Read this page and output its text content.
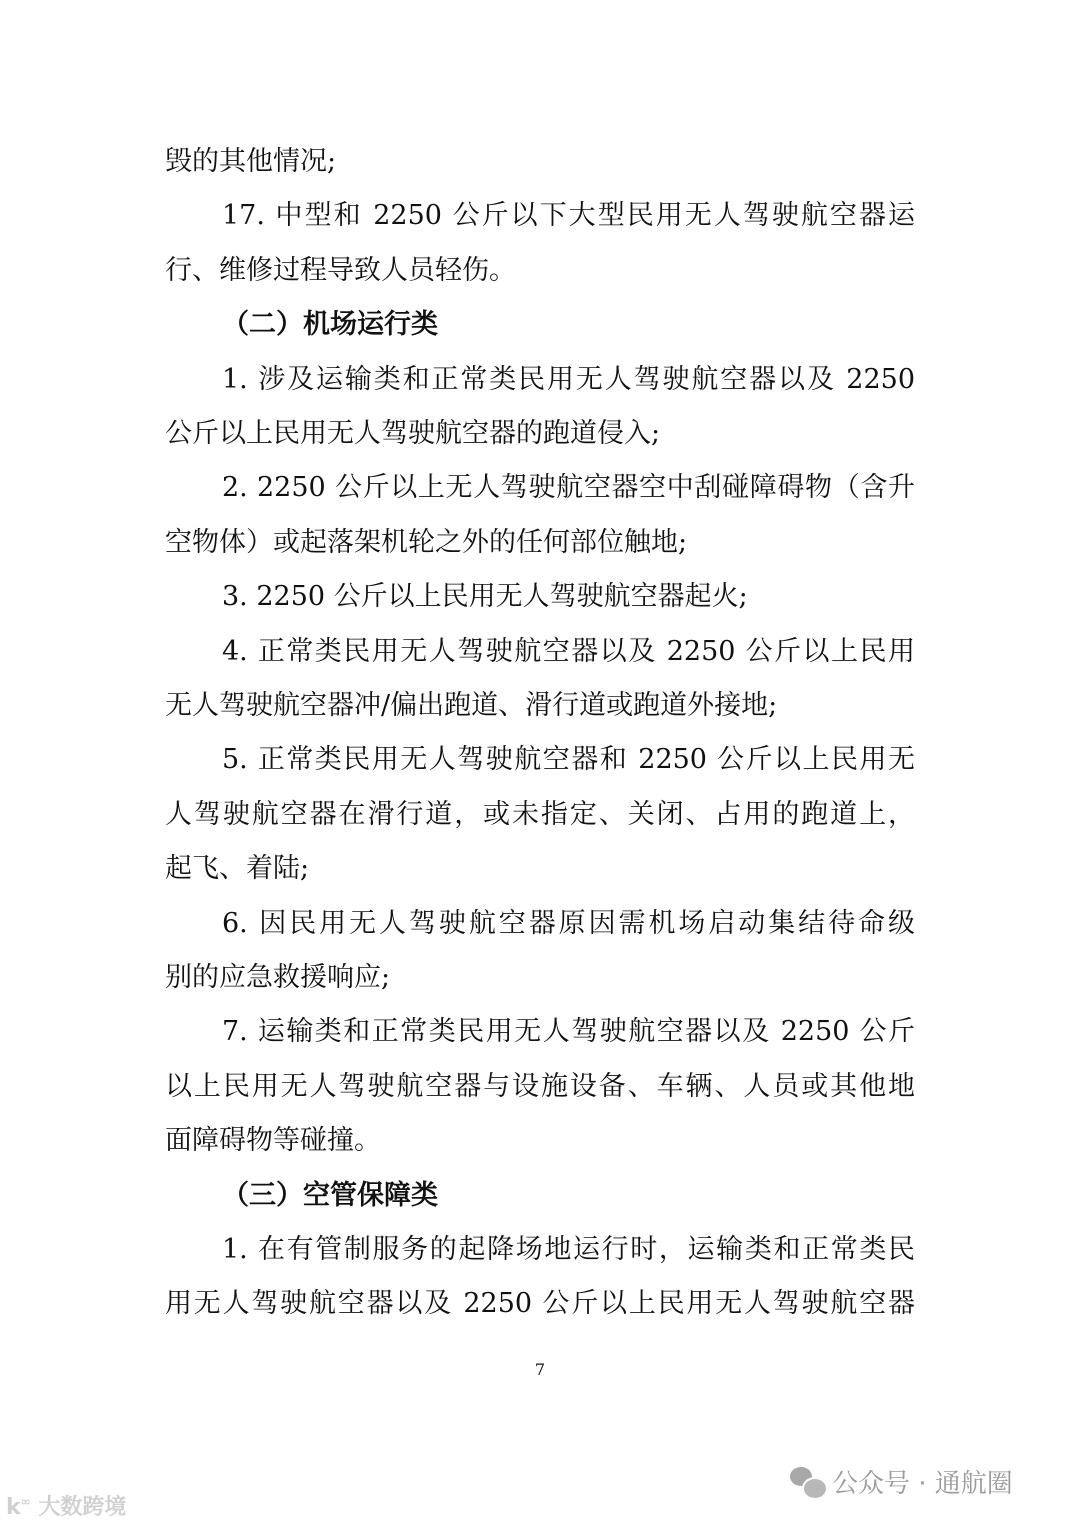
毁的其他情况;
17. 中型和 2250 公斤以下大型民用无人驾驶航空器运
行、维修过程导致人员轻伤。
（二）机场运行类
1. 涉及运输类和正常类民用无人驾驶航空器以及 2250
公斤以上民用无人驾驶航空器的跑道侵入;
2. 2250 公斤以上无人驾驶航空器空中刮碰障碍物（含升
空物体）或起落架机轮之外的任何部位触地;
3. 2250 公斤以上民用无人驾驶航空器起火;
4. 正常类民用无人驾驶航空器以及 2250 公斤以上民用
无人驾驶航空器冲/偏出跑道、滑行道或跑道外接地;
5. 正常类民用无人驾驶航空器和 2250 公斤以上民用无
人驾驶航空器在滑行道，或未指定、关闭、占用的跑道上，
起飞、着陆;
6. 因民用无人驾驶航空器原因需机场启动集结待命级
别的应急救援响应;
7. 运输类和正常类民用无人驾驶航空器以及 2250 公斤
以上民用无人驾驶航空器与设施设备、车辆、人员或其他地
面障碍物等碰撞。
（三）空管保障类
1. 在有管制服务的起降场地运行时，运输类和正常类民
用无人驾驶航空器以及 2250 公斤以上民用无人驾驶航空器
7
公众号 · 通航圈
k∞ 大数跨境
